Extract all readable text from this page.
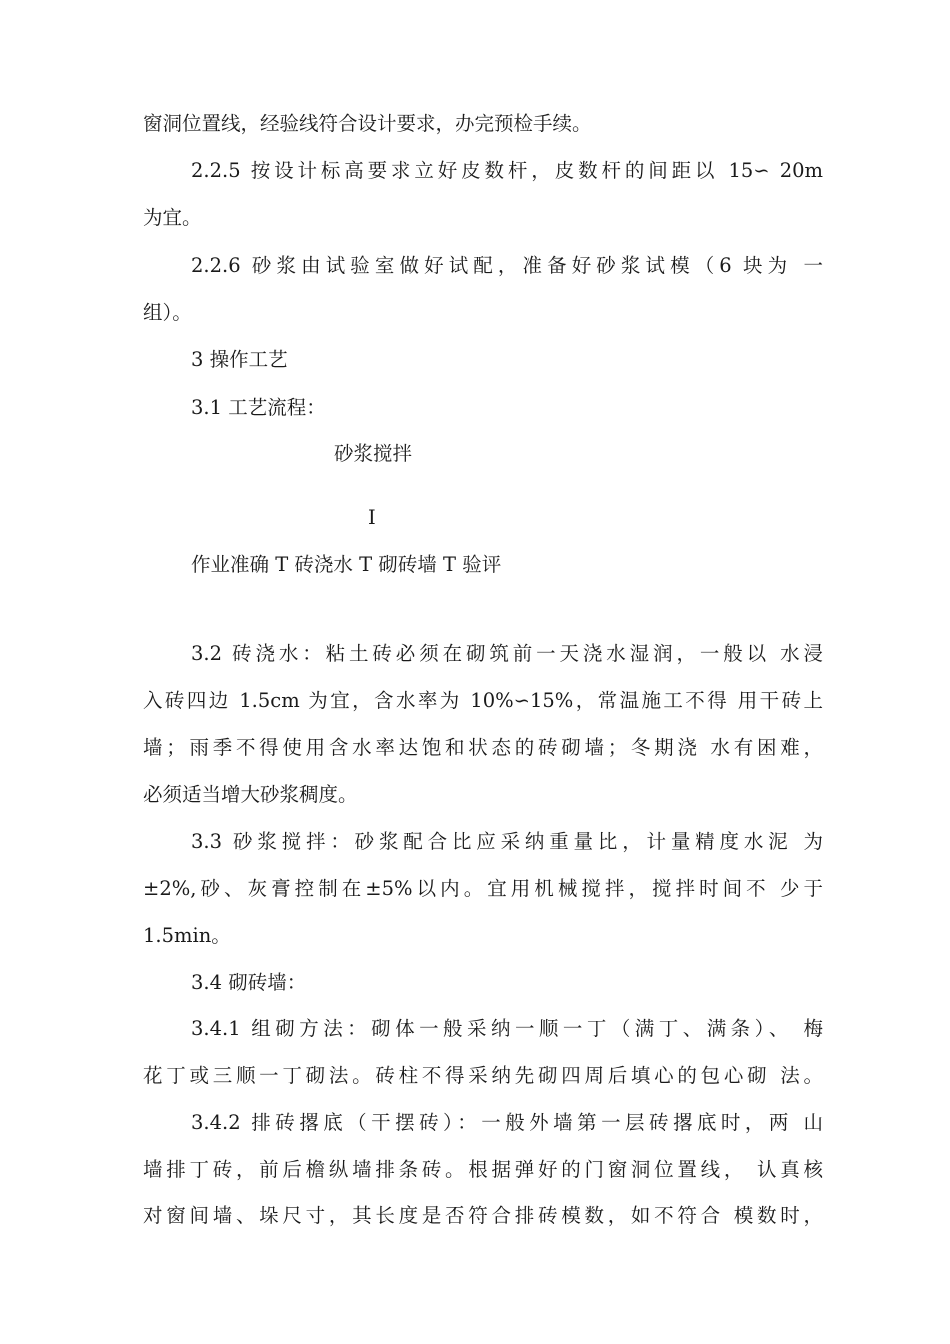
窗洞位置线，经验线符合设计要求，办完预检手续。
2.2.5 按设计标高要求立好皮数杆，皮数杆的间距以 15∽ 20m
为宜。
2.2.6 砂浆由试验室做好试配，准备好砂浆试模（6 块为 一
组）。
3 操作工艺
3.1 工艺流程：
砂浆搅拌
I
作业准确 T 砖浇水 T 砌砖墙 T 验评
3.2 砖浇水：粘土砖必须在砌筑前一天浇水湿润，一般以 水浸
入砖四边 1.5cm 为宜，含水率为 10%∽15%，常温施工不得 用干砖上
墙；雨季不得使用含水率达饱和状态的砖砌墙；冬期浇 水有困难，
必须适当增大砂浆稠度。
3.3 砂浆搅拌：砂浆配合比应采纳重量比，计量精度水泥 为
±2%,砂、灰膏控制在±5%以内。宜用机械搅拌，搅拌时间不 少于
1.5min。
3.4 砌砖墙：
3.4.1 组砌方法：砌体一般采纳一顺一丁（满丁、满条）、 梅
花丁或三顺一丁砌法。砖柱不得采纳先砌四周后填心的包心砌 法。
3.4.2 排砖撂底（干摆砖）：一般外墙第一层砖撂底时，两 山
墙排丁砖，前后檐纵墙排条砖。根据弹好的门窗洞位置线， 认真核
对窗间墙、垛尺寸，其长度是否符合排砖模数，如不符合 模数时，
